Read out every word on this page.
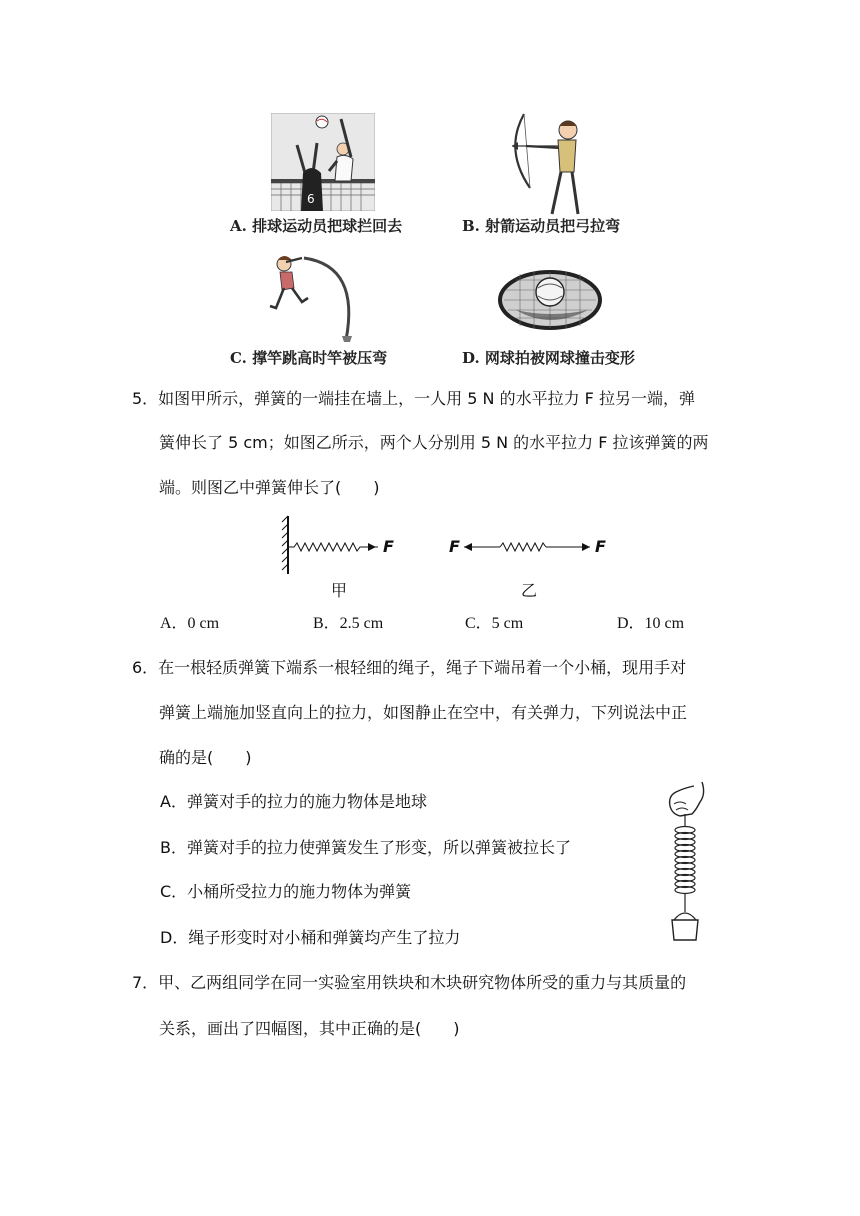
6
A. 排球运动员把球拦回去	B. 射箭运动员把弓拉弯
C. 撑竿跳高时竿被压弯	D. 网球拍被网球撞击变形
5．如图甲所示，弹簧的一端挂在墙上，一人用 5 N 的水平拉力 F 拉另一端，弹
簧伸长了 5 cm；如图乙所示，两个人分别用 5 N 的水平拉力 F 拉该弹簧的两
端。则图乙中弹簧伸长了(　　)
F
甲
F	F
乙
A．0 cm	B．2.5 cm	C．5 cm	D．10 cm
6．在一根轻质弹簧下端系一根轻细的绳子，绳子下端吊着一个小桶，现用手对
弹簧上端施加竖直向上的拉力，如图静止在空中，有关弹力，下列说法中正
确的是(　　)
A．弹簧对手的拉力的施力物体是地球
B．弹簧对手的拉力使弹簧发生了形变，所以弹簧被拉长了
C．小桶所受拉力的施力物体为弹簧
D．绳子形变时对小桶和弹簧均产生了拉力
7．甲、乙两组同学在同一实验室用铁块和木块研究物体所受的重力与其质量的
关系，画出了四幅图，其中正确的是(　　)
